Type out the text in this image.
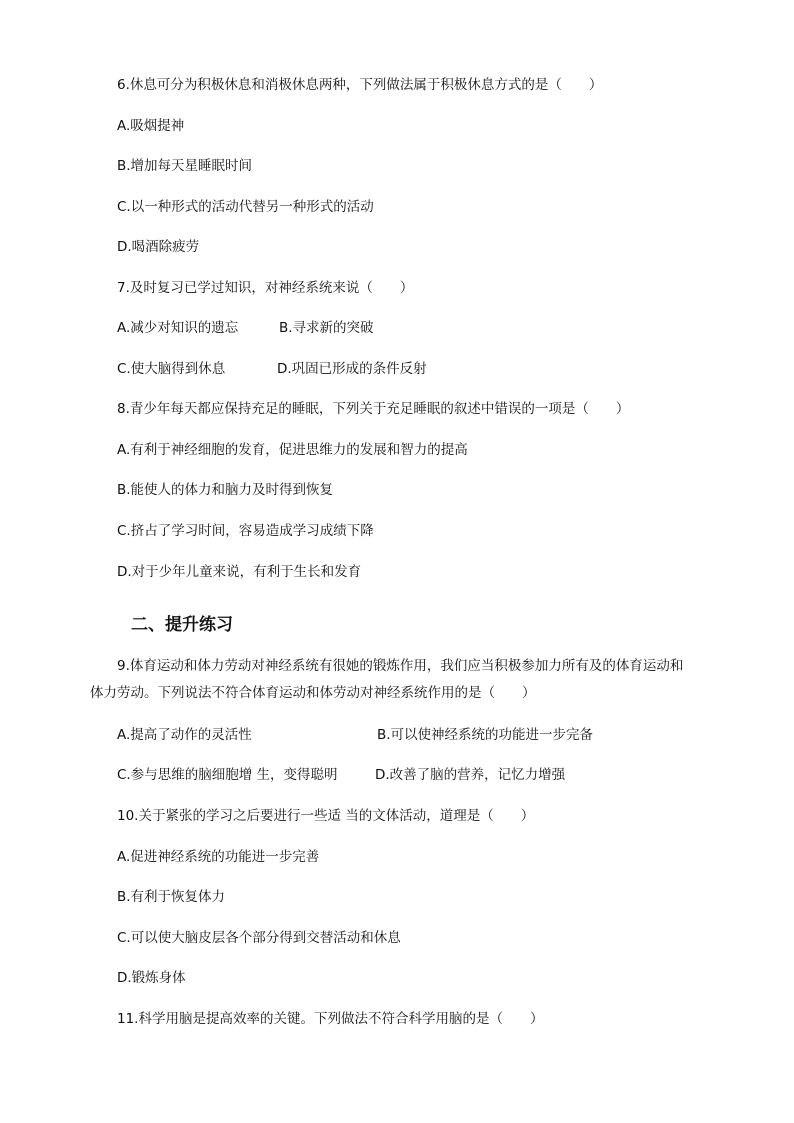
6.休息可分为积极休息和消极休息两种，下列做法属于积极休息方式的是（　　）
A.吸烟提神
B.增加每天星睡眠时间
C.以一种形式的活动代替另一种形式的活动
D.喝酒除疲劳
7.及时复习已学过知识，对神经系统来说（　　）
A.减少对知识的遗忘	B.寻求新的突破
C.使大脑得到休息	D.巩固已形成的条件反射
8.青少年每天都应保持充足的睡眠，下列关于充足睡眠的叙述中错误的一项是（　　）
A.有利于神经细胞的发育，促进思维力的发展和智力的提高
B.能使人的体力和脑力及时得到恢复
C.挤占了学习时间，容易造成学习成绩下降
D.对于少年儿童来说，有利于生长和发育
二、提升练习
9.体育运动和体力劳动对神经系统有很她的锻炼作用，我们应当积极参加力所有及的体育运动和
体力劳动。下列说法不符合体育运动和体劳动对神经系统作用的是（　　）
A.提高了动作的灵活性	B.可以使神经系统的功能进一步完备
C.参与思维的脑细胞增 生，变得聪明	D.改善了脑的营养，记忆力增强
10.关于紧张的学习之后要进行一些适 当的文体活动，道理是（　　）
A.促进神经系统的功能进一步完善
B.有利于恢复体力
C.可以使大脑皮层各个部分得到交替活动和休息
D.锻炼身体
11.科学用脑是提高效率的关键。下列做法不符合科学用脑的是（　　）
